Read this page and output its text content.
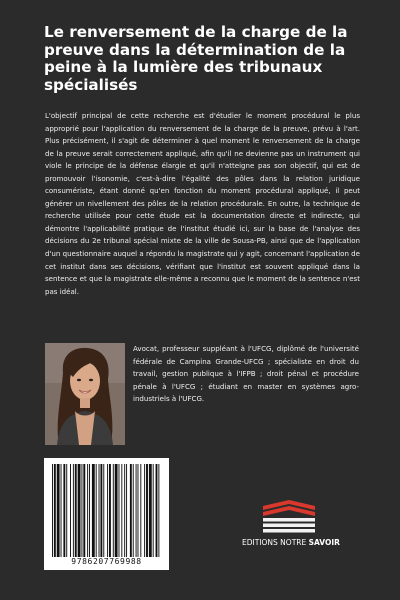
Le renversement de la charge de la preuve dans la détermination de la peine à la lumière des tribunaux spécialisés

L'objectif principal de cette recherche est d'étudier le moment procédural le plus approprié pour l'application du renversement de la charge de la preuve, prévu à l'art. Plus précisément, il s'agit de déterminer à quel moment le renversement de la charge de la preuve serait correctement appliqué, afin qu'il ne devienne pas un instrument qui viole le principe de la défense élargie et qu'il n'atteigne pas son objectif, qui est de promouvoir l'isonomie, c'est-à-dire l'égalité des pôles dans la relation juridique consumériste, étant donné qu'en fonction du moment procédural appliqué, il peut générer un nivellement des pôles de la relation procédurale. En outre, la technique de recherche utilisée pour cette étude est la documentation directe et indirecte, qui démontre l'applicabilité pratique de l'institut étudié ici, sur la base de l'analyse des décisions du 2e tribunal spécial mixte de la ville de Sousa-PB, ainsi que de l'application d'un questionnaire auquel a répondu la magistrate qui y agit, concernant l'application de cet institut dans ses décisions, vérifiant que l'institut est souvent appliqué dans la sentence et que la magistrate elle-même a reconnu que le moment de la sentence n'est pas idéal.

Avocat, professeur suppléant à l'UFCG, diplômé de l'université fédérale de Campina Grande-UFCG ; spécialiste en droit du travail, gestion publique à l'IFPB ; droit pénal et procédure pénale à l'UFCG ; étudiant en master en systèmes agro-industriels à l'UFCG.

9786207769988
EDITIONS NOTRE SAVOIR
